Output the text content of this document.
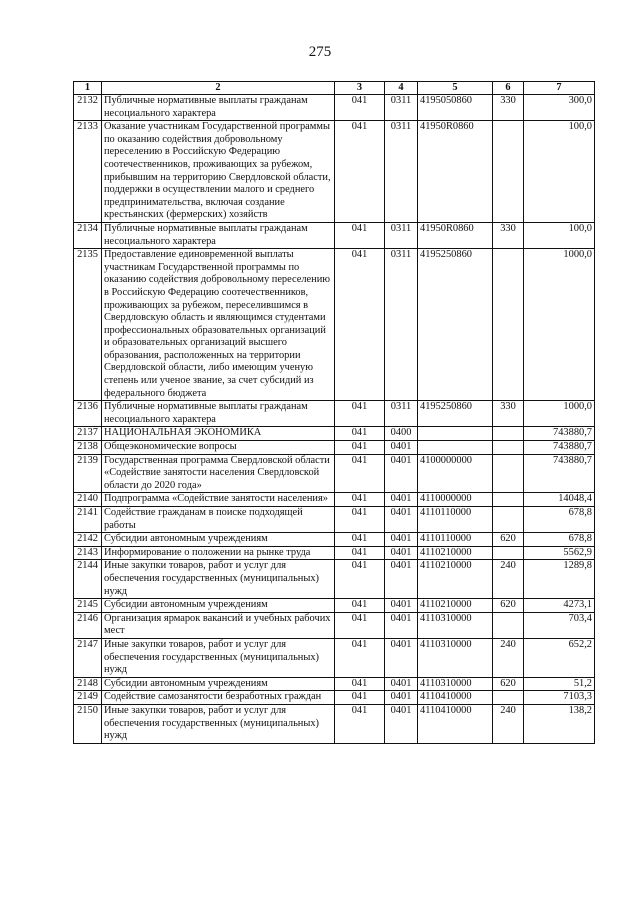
275
1	2	3	4	5	6	7
2132	Публичные нормативные выплаты гражданам несоциального характера	041	0311	4195050860	330	300,0
2133	Оказание участникам Государственной программы по оказанию содействия добровольному переселению в Российскую Федерацию соотечественников, проживающих за рубежом, прибывшим на территорию Свердловской области, поддержки в осуществлении малого и среднего предпринимательства, включая создание крестьянских (фермерских) хозяйств	041	0311	41950R0860		100,0
2134	Публичные нормативные выплаты гражданам несоциального характера	041	0311	41950R0860	330	100,0
2135	Предоставление единовременной выплаты участникам Государственной программы по оказанию содействия добровольному переселению в Российскую Федерацию соотечественников, проживающих за рубежом, переселившимся в Свердловскую область и являющимся студентами профессиональных образовательных организаций и образовательных организаций высшего образования, расположенных на территории Свердловской области, либо имеющим ученую степень или ученое звание, за счет субсидий из федерального бюджета	041	0311	4195250860		1000,0
2136	Публичные нормативные выплаты гражданам несоциального характера	041	0311	4195250860	330	1000,0
2137	НАЦИОНАЛЬНАЯ ЭКОНОМИКА	041	0400			743880,7
2138	Общеэкономические вопросы	041	0401			743880,7
2139	Государственная программа Свердловской области «Содействие занятости населения Свердловской области до 2020 года»	041	0401	4100000000		743880,7
2140	Подпрограмма «Содействие занятости населения»	041	0401	4110000000		14048,4
2141	Содействие гражданам в поиске подходящей работы	041	0401	4110110000		678,8
2142	Субсидии автономным учреждениям	041	0401	4110110000	620	678,8
2143	Информирование о положении на рынке труда	041	0401	4110210000		5562,9
2144	Иные закупки товаров, работ и услуг для обеспечения государственных (муниципальных) нужд	041	0401	4110210000	240	1289,8
2145	Субсидии автономным учреждениям	041	0401	4110210000	620	4273,1
2146	Организация ярмарок вакансий и учебных рабочих мест	041	0401	4110310000		703,4
2147	Иные закупки товаров, работ и услуг для обеспечения государственных (муниципальных) нужд	041	0401	4110310000	240	652,2
2148	Субсидии автономным учреждениям	041	0401	4110310000	620	51,2
2149	Содействие самозанятости безработных граждан	041	0401	4110410000		7103,3
2150	Иные закупки товаров, работ и услуг для обеспечения государственных (муниципальных) нужд	041	0401	4110410000	240	138,2
